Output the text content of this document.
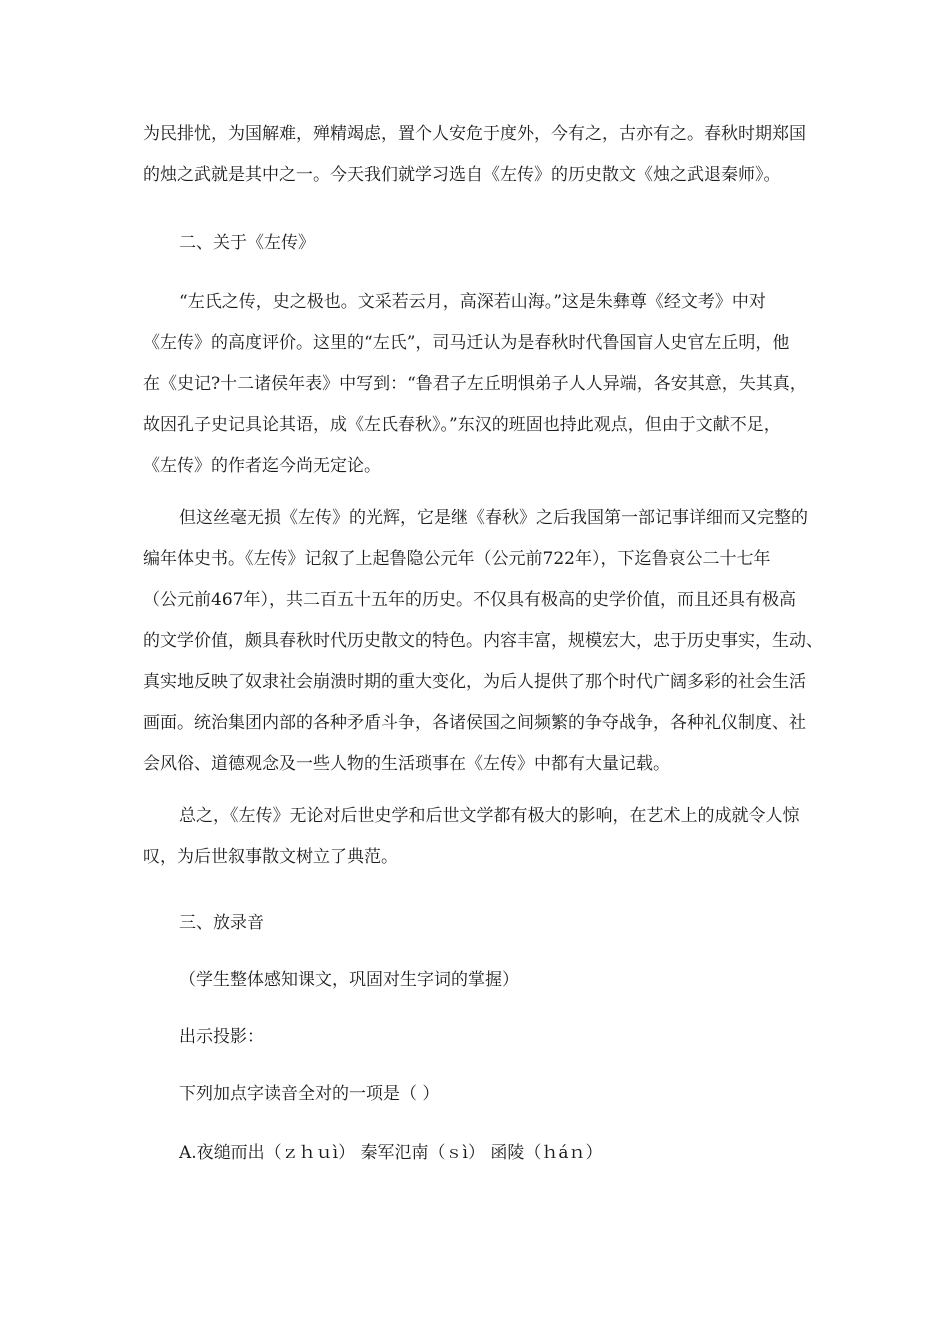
为民排忧，为国解难，殚精竭虑，置个人安危于度外，今有之，古亦有之。春秋时期郑国
的烛之武就是其中之一。今天我们就学习选自《左传》的历史散文《烛之武退秦师》。
二、关于《左传》
“左氏之传，史之极也。文采若云月，高深若山海。”这是朱彝尊《经文考》中对
《左传》的高度评价。这里的“左氏”，司马迁认为是春秋时代鲁国盲人史官左丘明，他
在《史记?十二诸侯年表》中写到：“鲁君子左丘明惧弟子人人异端，各安其意，失其真，
故因孔子史记具论其语，成《左氏春秋》。”东汉的班固也持此观点，但由于文献不足，
《左传》的作者迄今尚无定论。
但这丝毫无损《左传》的光辉，它是继《春秋》之后我国第一部记事详细而又完整的
编年体史书。《左传》记叙了上起鲁隐公元年（公元前722年），下迄鲁哀公二十七年
（公元前467年），共二百五十五年的历史。不仅具有极高的史学价值，而且还具有极高
的文学价值，颇具春秋时代历史散文的特色。内容丰富，规模宏大，忠于历史事实，生动、
真实地反映了奴隶社会崩溃时期的重大变化，为后人提供了那个时代广阔多彩的社会生活
画面。统治集团内部的各种矛盾斗争，各诸侯国之间频繁的争夺战争，各种礼仪制度、社
会风俗、道德观念及一些人物的生活琐事在《左传》中都有大量记载。
总之，《左传》无论对后世史学和后世文学都有极大的影响，在艺术上的成就令人惊
叹，为后世叙事散文树立了典范。
三、放录音
（学生整体感知课文，巩固对生字词的掌握）
出示投影：
下列加点字读音全对的一项是（ ）
A.夜缒而出（ｚｈｕì） 秦军氾南（ｓì） 函陵（ｈáｎ）
